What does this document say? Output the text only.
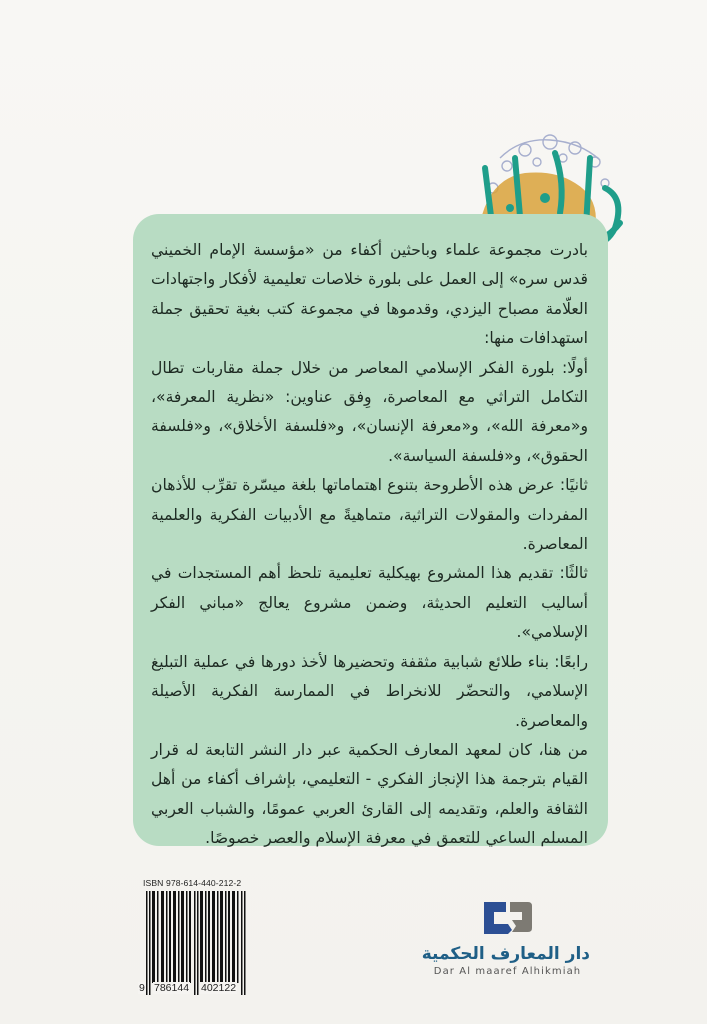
بادرت مجموعة علماء وباحثين أكفاء من «مؤسسة الإمام الخميني قدس سره» إلى العمل على بلورة خلاصات تعليمية لأفكار واجتهادات العلّامة مصباح اليزدي، وقدموها في مجموعة كتب بغية تحقيق جملة استهدافات منها:

أولًا: بلورة الفكر الإسلامي المعاصر من خلال جملة مقاربات تطال التكامل التراثي مع المعاصرة، وِفق عناوين: «نظرية المعرفة»، و«معرفة الله»، و«معرفة الإنسان»، و«فلسفة الأخلاق»، و«فلسفة الحقوق»، و«فلسفة السياسة».

ثانيًا: عرض هذه الأطروحة بتنوع اهتماماتها بلغة ميسّرة تقرِّب للأذهان المفردات والمقولات التراثية، متماهيةً مع الأدبيات الفكرية والعلمية المعاصرة.

ثالثًا: تقديم هذا المشروع بهيكلية تعليمية تلحظ أهم المستجدات في أساليب التعليم الحديثة، وضمن مشروع يعالج «مباني الفكر الإسلامي».

رابعًا: بناء طلائع شبابية مثقفة وتحضيرها لأخذ دورها في عملية التبليغ الإسلامي، والتحضّر للانخراط في الممارسة الفكرية الأصيلة والمعاصرة.

من هنا، كان لمعهد المعارف الحكمية عبر دار النشر التابعة له قرار القيام بترجمة هذا الإنجاز الفكري - التعليمي، بإشراف أكفاء من أهل الثقافة والعلم، وتقديمه إلى القارئ العربي عمومًا، والشباب العربي المسلم الساعي للتعمق في معرفة الإسلام والعصر خصوصًا.

ISBN 978-614-440-212-2
9 786144 402122
دار المعارف الحكمية
Dar Al maaref Alhikmiah
